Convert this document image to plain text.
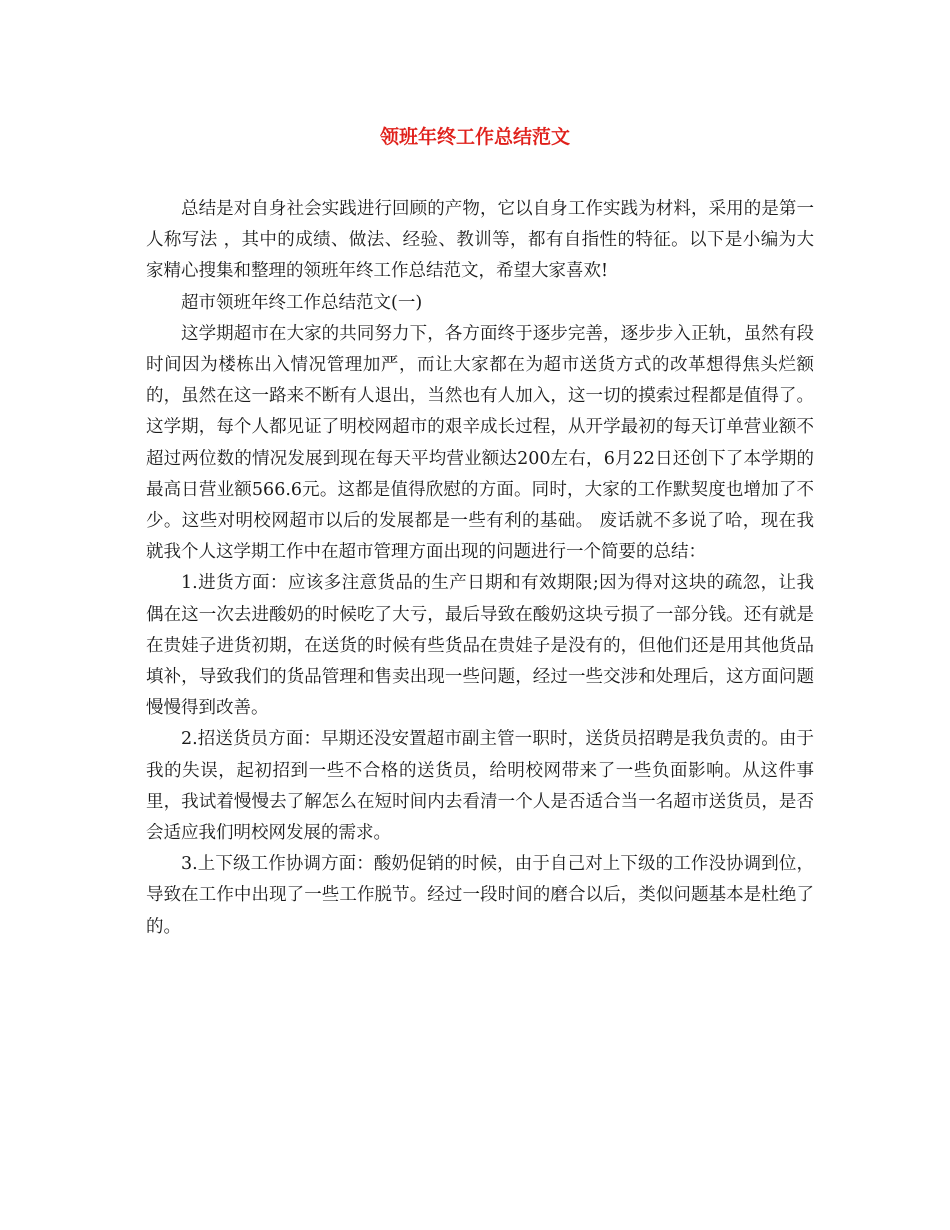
领班年终工作总结范文

总结是对自身社会实践进行回顾的产物，它以自身工作实践为材料，采用的是第一人称写法 ，其中的成绩、做法、经验、教训等，都有自指性的特征。以下是小编为大家精心搜集和整理的领班年终工作总结范文，希望大家喜欢!

超市领班年终工作总结范文(一)

这学期超市在大家的共同努力下，各方面终于逐步完善，逐步步入正轨，虽然有段时间因为楼栋出入情况管理加严，而让大家都在为超市送货方式的改革想得焦头烂额的，虽然在这一路来不断有人退出，当然也有人加入，这一切的摸索过程都是值得了。这学期，每个人都见证了明校网超市的艰辛成长过程，从开学最初的每天订单营业额不超过两位数的情况发展到现在每天平均营业额达200左右，6月22日还创下了本学期的最高日营业额566.6元。这都是值得欣慰的方面。同时，大家的工作默契度也增加了不少。这些对明校网超市以后的发展都是一些有利的基础。 废话就不多说了哈，现在我就我个人这学期工作中在超市管理方面出现的问题进行一个简要的总结：

1.进货方面：应该多注意货品的生产日期和有效期限;因为得对这块的疏忽，让我偶在这一次去进酸奶的时候吃了大亏，最后导致在酸奶这块亏损了一部分钱。还有就是在贵娃子进货初期，在送货的时候有些货品在贵娃子是没有的，但他们还是用其他货品填补，导致我们的货品管理和售卖出现一些问题，经过一些交涉和处理后，这方面问题慢慢得到改善。

2.招送货员方面：早期还没安置超市副主管一职时，送货员招聘是我负责的。由于我的失误，起初招到一些不合格的送货员，给明校网带来了一些负面影响。从这件事里，我试着慢慢去了解怎么在短时间内去看清一个人是否适合当一名超市送货员，是否会适应我们明校网发展的需求。

3.上下级工作协调方面：酸奶促销的时候，由于自己对上下级的工作没协调到位，导致在工作中出现了一些工作脱节。经过一段时间的磨合以后，类似问题基本是杜绝了的。
